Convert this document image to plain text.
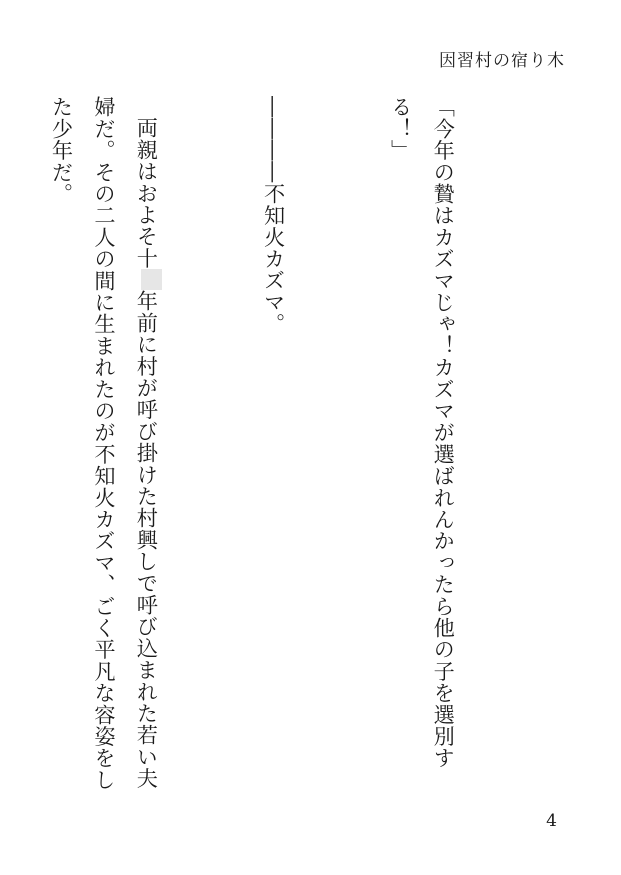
因習村の宿り木

「今年の贄はカズマじゃ！カズマが選ばれんかったら他の子を選別する！」

――――不知火カズマ。

両親はおよそ十年前に村が呼び掛けた村興しで呼び込まれた若い夫婦だ。その二人の間に生まれたのが不知火カズマ、ごく平凡な容姿をした少年だ。

4
